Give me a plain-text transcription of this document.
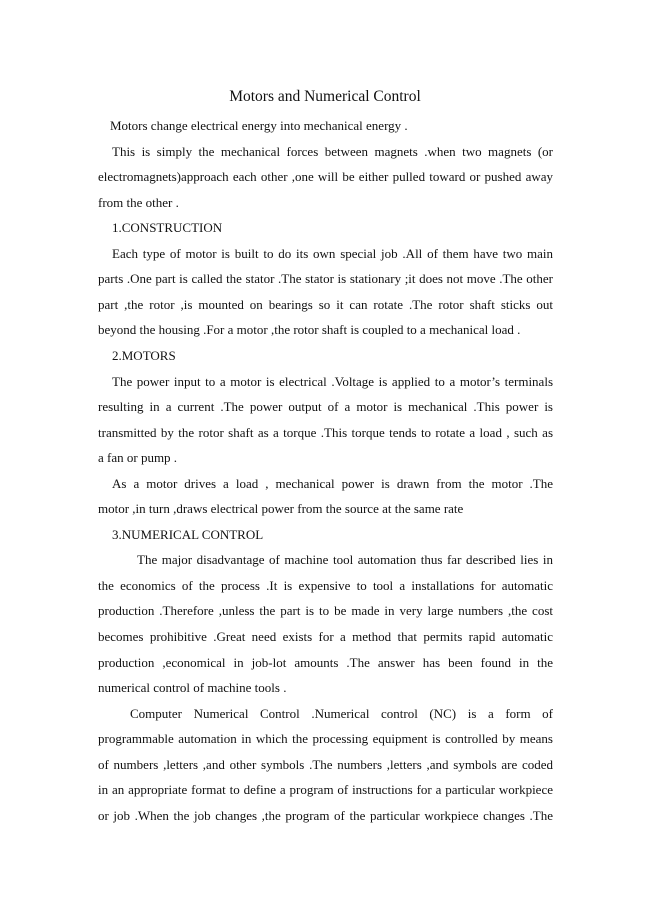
Motors and Numerical Control
Motors change electrical energy into mechanical energy .
This is simply the mechanical forces between magnets .when two magnets (or
electromagnets)approach each other ,one will be either pulled toward or pushed away
from the other .
1.CONSTRUCTION
Each type of motor is built to do its own special job .All of them have two main
parts .One part is called the stator .The stator is stationary ;it does not move .The other
part ,the rotor ,is mounted on bearings so it can rotate .The rotor shaft sticks out
beyond the housing .For a motor ,the rotor shaft is coupled to a mechanical load .
2.MOTORS
The power input to a motor is electrical .Voltage is applied to a motor’s terminals
resulting in a current .The power output of a motor is mechanical .This power is
transmitted by the rotor shaft as a torque .This torque tends to rotate a load , such as
a fan or pump .
As a motor drives a load , mechanical power is drawn from the motor .The
motor ,in turn ,draws electrical power from the source at the same rate
3.NUMERICAL CONTROL
The major disadvantage of machine tool automation thus far described lies in
the economics of the process .It is expensive to tool a installations for automatic
production .Therefore ,unless the part is to be made in very large numbers ,the cost
becomes prohibitive .Great need exists for a method that permits rapid automatic
production ,economical in job-lot amounts .The answer has been found in the
numerical control of machine tools .
Computer Numerical Control .Numerical control (NC) is a form of
programmable automation in which the processing equipment is controlled by means
of numbers ,letters ,and other symbols .The numbers ,letters ,and symbols are coded
in an appropriate format to define a program of instructions for a particular workpiece
or job .When the job changes ,the program of the particular workpiece changes .The
